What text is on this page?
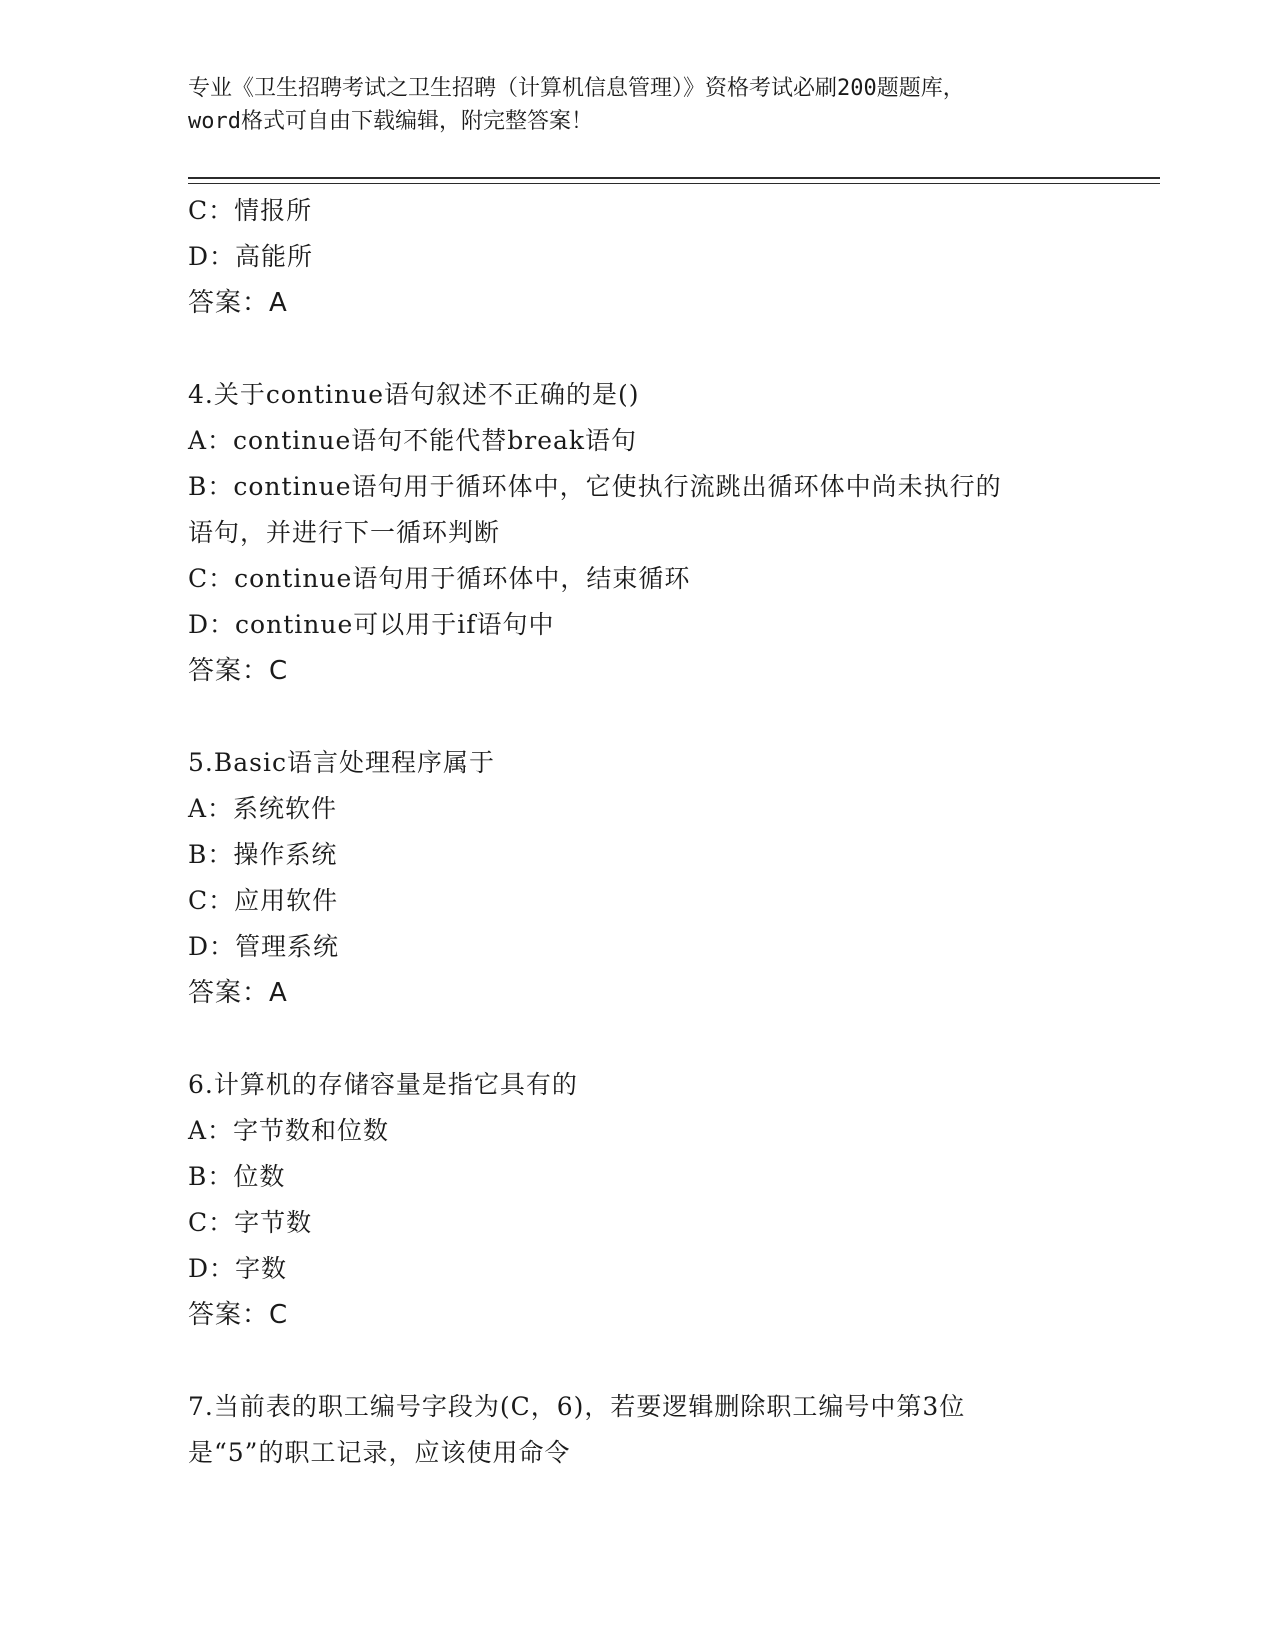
专业《卫生招聘考试之卫生招聘（计算机信息管理）》资格考试必刷200题题库，
word格式可自由下载编辑，附完整答案！
C：情报所
D：高能所
答案：A
4.关于continue语句叙述不正确的是()
A：continue语句不能代替break语句
B：continue语句用于循环体中，它使执行流跳出循环体中尚未执行的
语句，并进行下一循环判断
C：continue语句用于循环体中，结束循环
D：continue可以用于if语句中
答案：C
5.Basic语言处理程序属于
A：系统软件
B：操作系统
C：应用软件
D：管理系统
答案：A
6.计算机的存储容量是指它具有的
A：字节数和位数
B：位数
C：字节数
D：字数
答案：C
7.当前表的职工编号字段为(C，6)，若要逻辑删除职工编号中第3位
是“5”的职工记录，应该使用命令
